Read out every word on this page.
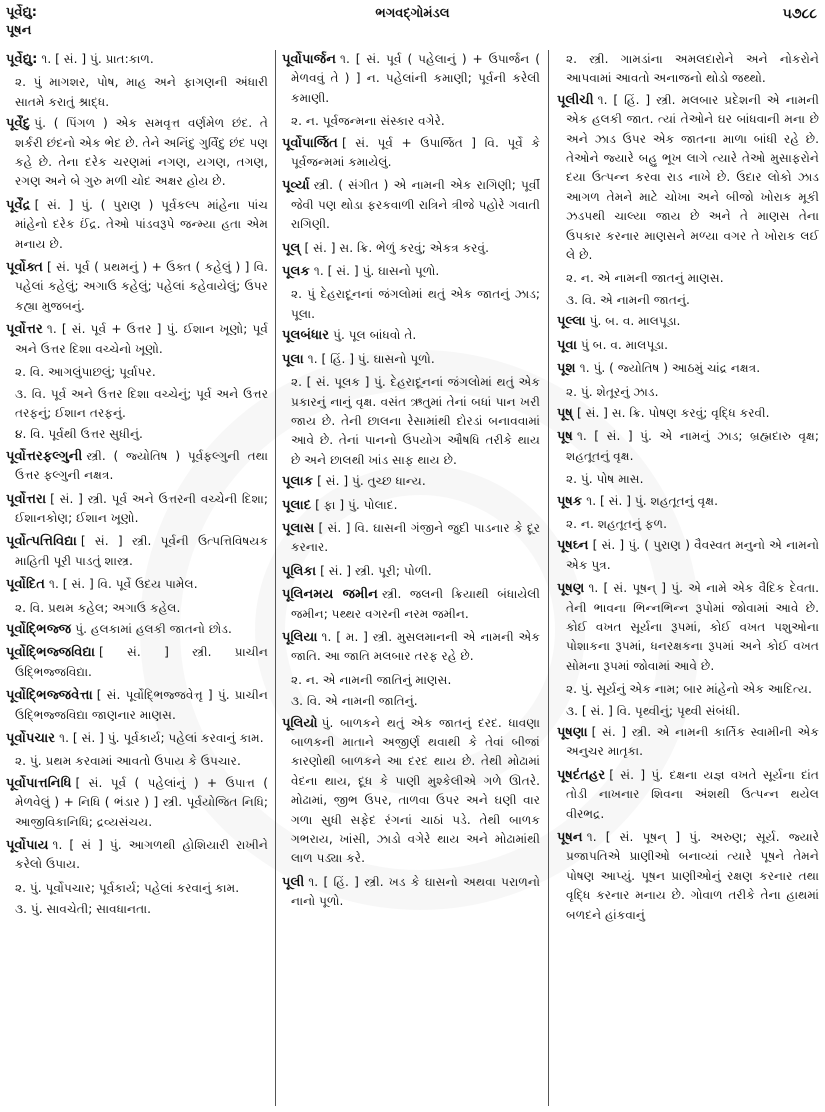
પૂર્વેદ્યુ:
પૂષન
ભગવદ્ગોમંડલ	૫૭૮૮
પૂર્વેદ્યુ: ૧. [ સં. ] પું. પ્રાત:કાળ.
૨. પું માગશર, પોષ, માહ અને ફાગણની અંધારી સાતમે કરાતું શ્રાદ્ધ.
પૂર્વેંદુ પું. ( પિંગળ ) એક સમવૃત્ત વર્ણમેળ છંદ. તે શર્કરી છંદનો એક ભેદ છે. તેને અનિંદુ ગુર્વિંદુ છંદ પણ કહે છે. તેના દરેક ચરણમાં નગણ, યગણ, તગણ, રગણ અને બે ગુરુ મળી ચોદ અક્ષર હોય છે.
પૂર્વેંદ્ર [ સં. ] પું. ( પુરાણ ) પૂર્વકલ્પ માંહેના પાંચ માંહેનો દરેક ઈંદ્ર. તેઓ પાંડવરૂપે જન્મ્યા હતા એમ મનાય છે.
પૂર્વોક્ત [ સં. પૂર્વ ( પ્રથમનું ) + ઉક્ત ( કહેલું ) ] વિ. પહેલાં કહેલું; અગાઉ કહેલું; પહેલાં કહેવાયેલું; ઉપર કહ્યા મુજબનું.
પૂર્વોત્તર ૧. [ સં. પૂર્વ + ઉત્તર ] પું. ઈશાન ખૂણો; પૂર્વ અને ઉત્તર દિશા વચ્ચેનો ખૂણો.
૨. વિ. આગલુંપાછલું; પૂર્વાપર.
૩. વિ. પૂર્વ અને ઉત્તર દિશા વચ્ચેનું; પૂર્વ અને ઉત્તર તરફનું; ઈશાન તરફનું.
૪. વિ. પૂર્વથી ઉત્તર સુધીનું.
પૂર્વોત્તરફલ્ગુની સ્ત્રી. ( જ્યોતિષ ) પૂર્વફલ્ગુની તથા ઉત્તર ફલ્ગુની નક્ષત્ર.
પૂર્વોત્તરા [ સં. ] સ્ત્રી. પૂર્વ અને ઉત્તરની વચ્ચેની દિશા; ઈશાનકોણ; ઈશાન ખૂણો.
પૂર્વોત્પત્તિવિદ્યા [ સં. ] સ્ત્રી. પૂર્વની ઉત્પત્તિવિષયક માહિતી પૂરી પાડતું શાસ્ત્ર.
પૂર્વોદિત ૧. [ સં. ] વિ. પૂર્વે ઉદય પામેલ.
૨. વિ. પ્રથમ કહેલ; અગાઉ કહેલ.
પૂર્વોદ્ભિજ્જ પું. હલકામાં હલકી જાતનો છોડ.
પૂર્વોદ્ભિજ્જવિદ્યા [ સં. ] સ્ત્રી. પ્રાચીન ઉદ્ભિજ્જવિદ્યા.
પૂર્વોદ્ભિજ્જવેત્તા [ સં. પૂર્વોદ્ભિજ્જવેત્તૃ ] પું. પ્રાચીન ઉદ્ભિજ્જવિદ્યા જાણનાર માણસ.
પૂર્વોપચાર ૧. [ સં. ] પું. પૂર્વકાર્ય; પહેલાં કરવાનું કામ.
૨. પું. પ્રથમ કરવામાં આવતો ઉપાય કે ઉપચાર.
પૂર્વોપાત્તનિધિ [ સં. પૂર્વ ( પહેલાંનું ) + ઉપાત્ત ( મેળવેલું ) + નિધિ ( ભંડાર ) ] સ્ત્રી. પૂર્વયોજિત નિધિ; આજીવિકાનિધિ; દ્રવ્યસંચય.
પૂર્વોપાય ૧. [ સં ] પું. આગળથી હોશિયારી રાખીને કરેલો ઉપાય.
૨. પું. પૂર્વોપચાર; પૂર્વકાર્ય; પહેલાં કરવાનું કામ.
૩. પું. સાવચેતી; સાવધાનતા.
પૂર્વોપાર્જન ૧. [ સં. પૂર્વ ( પહેલાનું ) + ઉપાર્જન ( મેળવવું તે ) ] ન. પહેલાંની કમાણી; પૂર્વની કરેલી કમાણી.
૨. ન. પૂર્વજન્મના સંસ્કાર વગેરે.
પૂર્વોપાર્જિત [ સં. પૂર્વ + ઉપાર્જિત ] વિ. પૂર્વે કે પૂર્વજન્મમાં કમાયેલું.
પૂર્વ્યા સ્ત્રી. ( સંગીત ) એ નામની એક રાગિણી; પૂર્વી જેવી પણ થોડા ફરકવાળી રાત્રિને ત્રીજે પહોરે ગવાતી રાગિણી.
પૂલ્ [ સં. ] સ. ક્રિ. ભેળું કરવું; એકત્ર કરવું.
પૂલક ૧. [ સં. ] પું. ઘાસનો પૂળો.
૨. પું દેહરાદૂનનાં જંગલોમાં થતું એક જાતનું ઝાડ; પૂલા.
પૂલબંધાર પું. પૂલ બાંધવો તે.
પૂલા ૧. [ હિં. ] પું. ઘાસનો પૂળો.
૨. [ સં. પૂલક ] પું. દેહરાદૂનનાં જંગલોમાં થતું એક પ્રકારનું નાનું વૃક્ષ. વસંત ઋતુમાં તેનાં બધાં પાન ખરી જાય છે. તેની છાલના રેસામાંથી દોરડાં બનાવવામાં આવે છે. તેનાં પાનનો ઉપયોગ ઔષધિ તરીકે થાય છે અને છાલથી ખાંડ સાફ થાય છે.
પૂલાક [ સં. ] પું. તુચ્છ ધાન્ય.
પૂલાદ [ ફા ] પું. પોલાદ.
પૂલાસ [ સં. ] વિ. ઘાસની ગંજીને જુદી પાડનાર કે દૂર કરનાર.
પૂલિકા [ સં. ] સ્ત્રી. પૂરી; પોળી.
પૂલિનમય જમીન સ્ત્રી. જલની ક્રિયાથી બંધાયેલી જમીન; પથ્થર વગરની નરમ જમીન.
પૂલિયા ૧. [ મ. ] સ્ત્રી. મુસલમાનની એ નામની એક જાતિ. આ જાતિ મલબાર તરફ રહે છે.
૨. ન. એ નામની જાતિનું માણસ.
૩. વિ. એ નામની જાતિનું.
પૂલિયો પું. બાળકને થતું એક જાતનું દરદ. ધાવણા બાળકની માતાને અજીર્ણ થવાથી કે તેવાં બીજાં કારણોથી બાળકને આ દરદ થાય છે. તેથી મોઢામાં વેદના થાય, દૂધ કે પાણી મુશ્કેલીએ ગળે ઊતરે. મોઢામાં, જીભ ઉપર, તાળવા ઉપર અને ઘણી વાર ગળા સુધી સફેદ રંગનાં ચાઠાં પડે. તેથી બાળક ગભરાય, ખાંસી, ઝાડો વગેરે થાય અને મોઢામાંથી લાળ પડ્યા કરે.
પૂલી ૧. [ હિં. ] સ્ત્રી. ખડ કે ઘાસનો અથવા પરાળનો નાનો પૂળો.
૨. સ્ત્રી. ગામડાંના અમલદારોને અને નોકરોને આપવામાં આવતો અનાજનો થોડો જથ્થો.
પૂલીચી ૧. [ હિં. ] સ્ત્રી. મલબાર પ્રદેશની એ નામની એક હલકી જાત. ત્યાં તેઓને ઘર બાંધવાની મના છે અને ઝાડ ઉપર એક જાતના માળા બાંધી રહે છે. તેઓને જ્યારે બહુ ભૂખ લાગે ત્યારે તેઓ મુસાફરોને દયા ઉત્પન્ન કરવા રાડ નાખે છે. ઉદાર લોકો ઝાડ આગળ તેમને માટે ચોખા અને બીજો ખોરાક મૂકી ઝડપથી ચાલ્યા જાય છે અને તે માણસ તેના ઉપકાર કરનાર માણસને મળ્યા વગર તે ખોરાક લઈ લે છે.
૨. ન. એ નામની જાતનું માણસ.
૩. વિ. એ નામની જાતનું.
પૂલ્લા પું. બ. વ. માલપૂડા.
પૂવા પું બ. વ. માલપૂડા.
પૂશ ૧. પું. ( જ્યોતિષ ) આઠમું ચાંદ્ર નક્ષત્ર.
૨. પું. શેતૂરનું ઝાડ.
પૂષ્ [ સં. ] સ. ક્રિ. પોષણ કરવું; વૃદ્ધિ કરવી.
પૂષ ૧. [ સં. ] પું. એ નામનું ઝાડ; બ્રહ્મદારુ વૃક્ષ; શહતૂતનું વૃક્ષ.
૨. પું. પોષ માસ.
પૂષક ૧. [ સં. ] પું. શહતૂતનું વૃક્ષ.
૨. ન. શહતૂતનું ફળ.
પૂષઘ્ન [ સં. ] પું. ( પુરાણ ) વૈવસ્વત મનુનો એ નામનો એક પુત્ર.
પૂષણ ૧. [ સં. પૂષન્ ] પું. એ નામે એક વૈદિક દેવતા. તેની ભાવના ભિન્નભિન્ન રૂપોમાં જોવામાં આવે છે. કોઈ વખત સૂર્યના રૂપમાં, કોઈ વખત પશુઓના પોશાકના રૂપમાં, ધનરક્ષકના રૂપમાં અને કોઈ વખત સોમના રૂપમાં જોવામાં આવે છે.
૨. પું. સૂર્યનું એક નામ; બાર માંહેનો એક આદિત્ય.
૩. [ સં. ] વિ. પૃથ્વીનું; પૃથ્વી સંબંધી.
પૂષણા [ સં. ] સ્ત્રી. એ નામની કાર્તિક સ્વામીની એક અનુચર માતૃકા.
પૂષદંતહર [ સં. ] પું. દક્ષના યજ્ઞ વખતે સૂર્યના દાંત તોડી નાખનાર શિવના અંશથી ઉત્પન્ન થયેલ વીરભદ્ર.
પૂષન ૧. [ સં. પૂષન્ ] પું. અરુણ; સૂર્ય. જ્યારે પ્રજાપતિએ પ્રાણીઓ બનાવ્યાં ત્યારે પૂષને તેમને પોષણ આપ્યું. પૂષન પ્રાણીઓનું રક્ષણ કરનાર તથા વૃદ્ધિ કરનાર મનાય છે. ગોવાળ તરીકે તેના હાથમાં બળદને હાંકવાનું
